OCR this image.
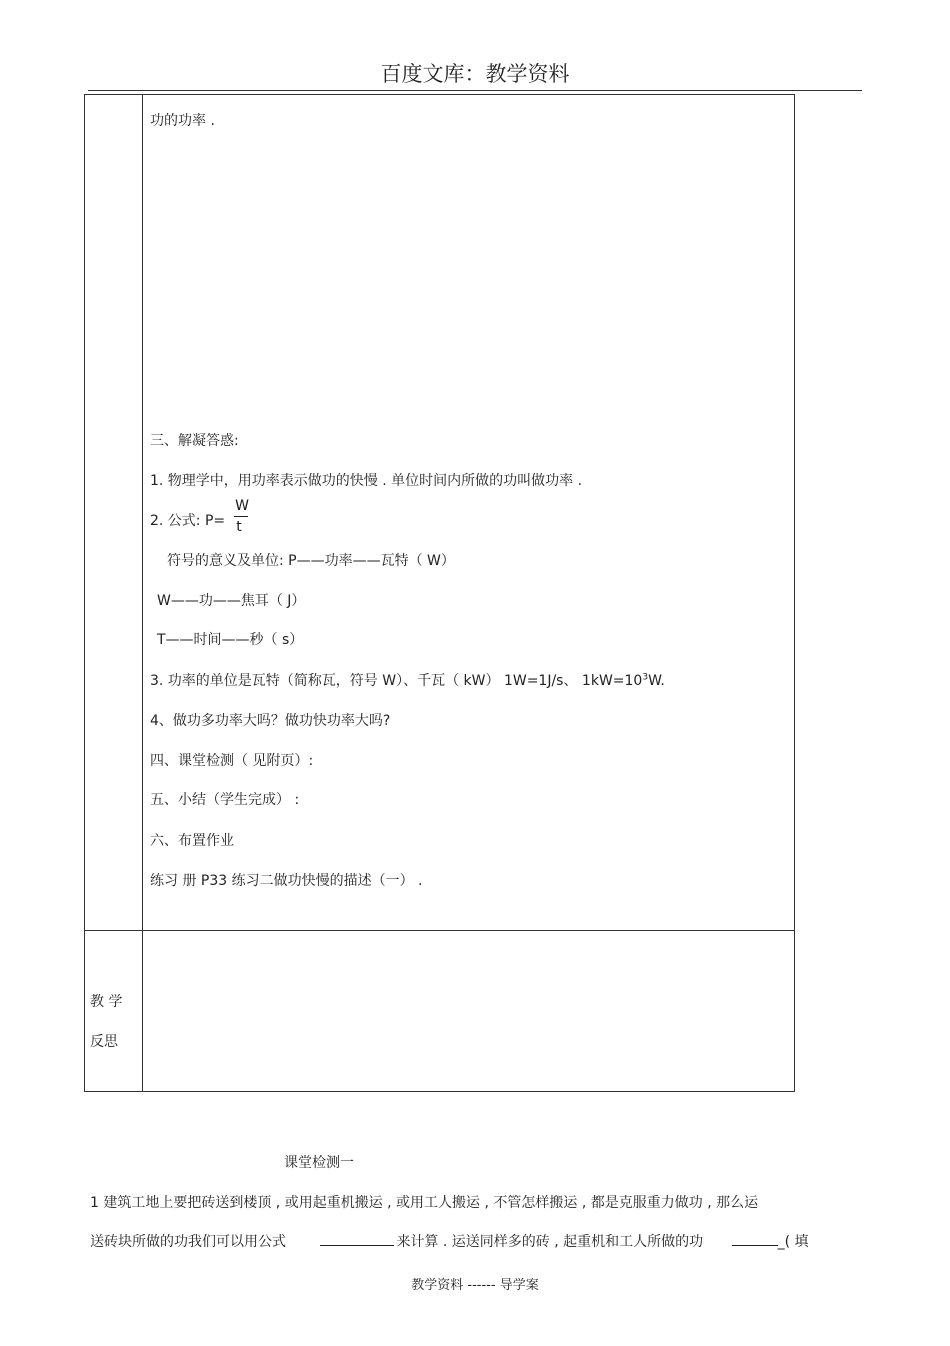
百度文库：教学资料
功的功率 .
三、解凝答惑:
1. 物理学中，用功率表示做功的快慢 . 单位时间内所做的功叫做功率 .
2. 公式: P=
W
t
符号的意义及单位: P——功率——瓦特（ W）
W——功——焦耳（ J）
T——时间——秒（ s）
3. 功率的单位是瓦特（简称瓦，符号 W）、千瓦（ kW） 1W=1J/s、 $1kW=10^3W$.
4、做功多功率大吗？做功快功率大吗?
四、课堂检测（ 见附页）:
五、小结（学生完成） :
六、布置作业
练习 册 P33 练习二做功快慢的描述（一） .
教 学
反思
课堂检测一
1 建筑工地上要把砖送到楼顶 , 或用起重机搬运 , 或用工人搬运 , 不管怎样搬运 , 都是克服重力做功 , 那么运
送砖块所做的功我们可以用公式	来计算 . 运送同样多的砖 , 起重机和工人所做的功	_( 填
教学资料 ------ 导学案
